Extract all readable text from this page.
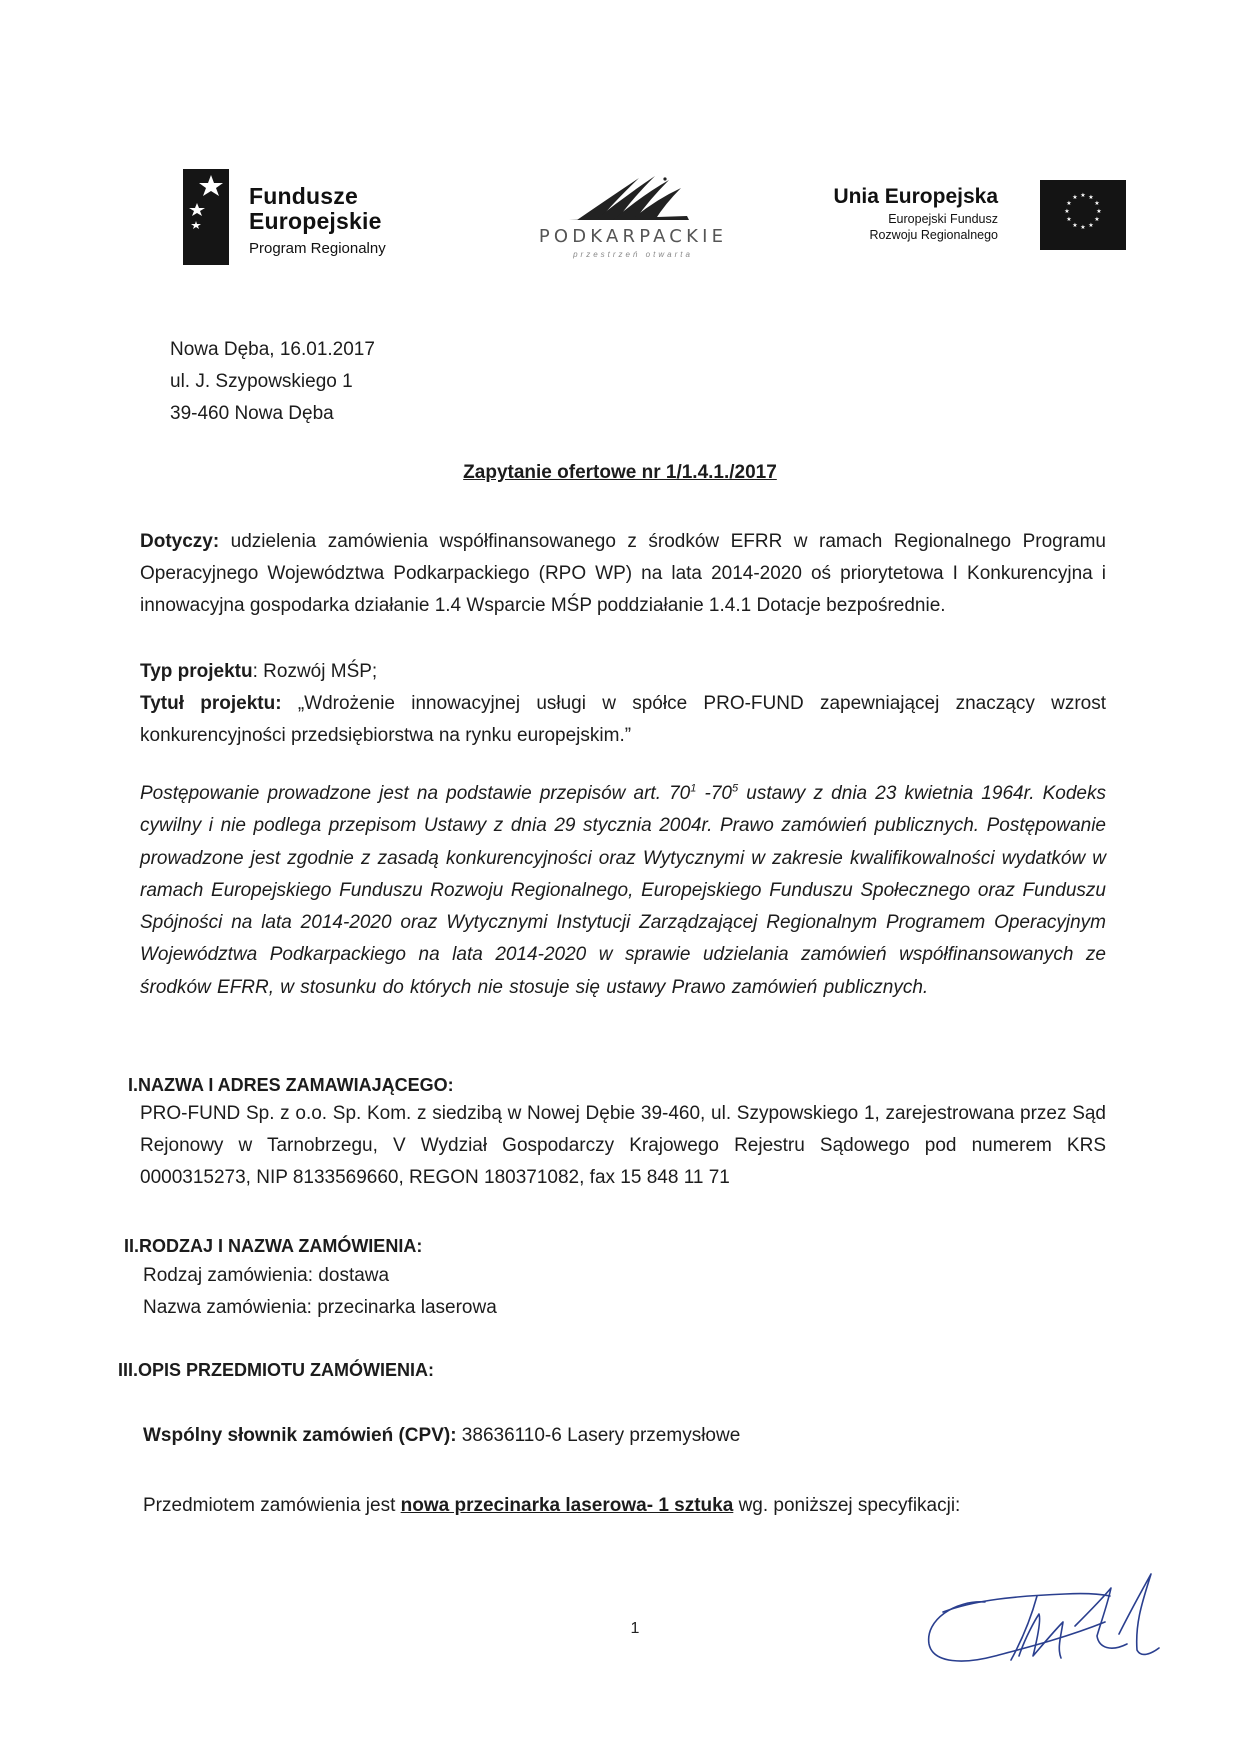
Fundusze
Europejskie
Program Regionalny
PODKARPACKIE
przestrzeń otwarta
Unia Europejska
Europejski Fundusz
Rozwoju Regionalnego
★ ★
★
★
★
★
★
★
★
★
★
★
Nowa Dęba, 16.01.2017
ul. J. Szypowskiego 1
39-460 Nowa Dęba
Zapytanie ofertowe nr 1/1.4.1./2017
Dotyczy: udzielenia zamówienia współfinansowanego z środków EFRR w ramach Regionalnego Programu Operacyjnego Województwa Podkarpackiego (RPO WP) na lata 2014-2020 oś priorytetowa I Konkurencyjna i innowacyjna gospodarka działanie 1.4 Wsparcie MŚP poddziałanie 1.4.1 Dotacje bezpośrednie.
Typ projektu: Rozwój MŚP;
Tytuł projektu: „Wdrożenie innowacyjnej usługi w spółce PRO-FUND zapewniającej znaczący wzrost konkurencyjności przedsiębiorstwa na rynku europejskim.”
Postępowanie prowadzone jest na podstawie przepisów art. $70^1$ $-70^5$ ustawy z dnia 23 kwietnia 1964r. Kodeks cywilny i nie podlega przepisom Ustawy z dnia 29 stycznia 2004r. Prawo zamówień publicznych. Postępowanie prowadzone jest zgodnie z zasadą konkurencyjności oraz Wytycznymi w zakresie kwalifikowalności wydatków w ramach Europejskiego Funduszu Rozwoju Regionalnego, Europejskiego Funduszu Społecznego oraz Funduszu Spójności na lata 2014-2020 oraz Wytycznymi Instytucji Zarządzającej Regionalnym Programem Operacyjnym Województwa Podkarpackiego na lata 2014-2020 w sprawie udzielania zamówień współfinansowanych ze środków EFRR, w stosunku do których nie stosuje się ustawy Prawo zamówień publicznych.
I.NAZWA I ADRES ZAMAWIAJĄCEGO:
PRO-FUND Sp. z o.o. Sp. Kom. z siedzibą w Nowej Dębie 39-460, ul. Szypowskiego 1, zarejestrowana przez Sąd Rejonowy w Tarnobrzegu, V Wydział Gospodarczy Krajowego Rejestru Sądowego pod numerem KRS 0000315273, NIP 8133569660, REGON 180371082, fax 15 848 11 71
II.RODZAJ I NAZWA ZAMÓWIENIA:
Rodzaj zamówienia: dostawa
Nazwa zamówienia: przecinarka laserowa
III.OPIS PRZEDMIOTU ZAMÓWIENIA:
Wspólny słownik zamówień (CPV): 38636110-6 Lasery przemysłowe
Przedmiotem zamówienia jest nowa przecinarka laserowa- 1 sztuka wg. poniższej specyfikacji:
1
